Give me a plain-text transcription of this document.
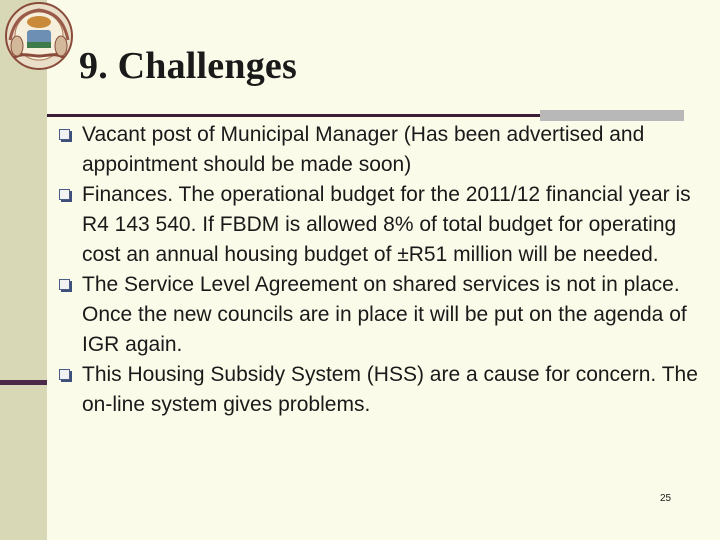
9. Challenges
Vacant post of Municipal Manager (Has been advertised and appointment should be made soon)
Finances. The operational budget for the 2011/12 financial year is R4 143 540. If FBDM is allowed 8% of total budget for operating cost an annual housing budget of ±R51 million will be needed.
The Service Level Agreement on shared services is not in place. Once the new councils are in place it will be put on the agenda of IGR again.
This Housing Subsidy System (HSS) are a cause for concern. The on-line system gives problems.
25
